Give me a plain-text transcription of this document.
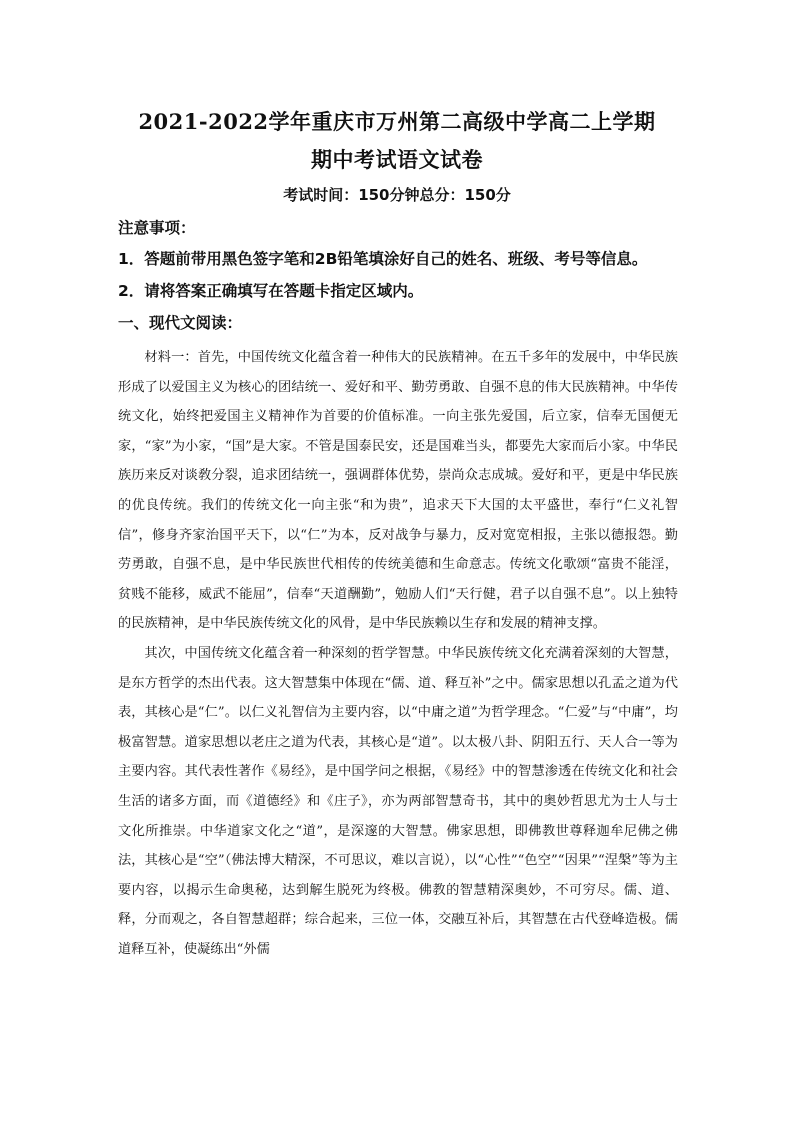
2021-2022学年重庆市万州第二高级中学高二上学期
期中考试语文试卷
考试时间：150分钟总分：150分
注意事项：
1．答题前带用黑色签字笔和2B铅笔填涂好自己的姓名、班级、考号等信息。
2．请将答案正确填写在答题卡指定区域内。
一、现代文阅读：

材料一：首先，中国传统文化蕴含着一种伟大的民族精神。在五千多年的发展中，中华民族形成了以爱国主义为核心的团结统一、爱好和平、勤劳勇敢、自强不息的伟大民族精神。中华传统文化，始终把爱国主义精神作为首要的价值标准。一向主张先爱国，后立家，信奉无国便无家，“家”为小家，“国”是大家。不管是国泰民安，还是国难当头，都要先大家而后小家。中华民族历来反对谈敎分裂，追求团结统一，强调群体优势，崇尚众志成城。爱好和平，更是中华民族的优良传统。我们的传统文化一向主张“和为贵”，追求天下大国的太平盛世，奉行“仁义礼智信”，修身齐家治国平天下，以“仁”为本，反对战争与暴力，反对宽宽相报，主张以德报怨。勤劳勇敢，自强不息，是中华民族世代相传的传统美德和生命意志。传统文化歌颂“富贵不能淫，贫贱不能移，威武不能屈”，信奉“天道酬勤”，勉励人们“天行健，君子以自强不息”。以上独特的民族精神，是中华民族传统文化的风骨，是中华民族赖以生存和发展的精神支撑。

其次，中国传统文化蕴含着一种深刻的哲学智慧。中华民族传统文化充满着深刻的大智慧，是东方哲学的杰出代表。这大智慧集中体现在“儒、道、释互补”之中。儒家思想以孔孟之道为代表，其核心是“仁”。以仁义礼智信为主要内容，以“中庸之道”为哲学理念。“仁爱”与“中庸”，均极富智慧。道家思想以老庄之道为代表，其核心是“道”。以太极八卦、阴阳五行、天人合一等为主要内容。其代表性著作《易经》，是中国学问之根据，《易经》中的智慧渗透在传统文化和社会生活的诸多方面，而《道德经》和《庄子》，亦为两部智慧奇书，其中的奥妙哲思尤为士人与士文化所推崇。中华道家文化之“道”，是深邃的大智慧。佛家思想，即佛教世尊释迦牟尼佛之佛法，其核心是“空”（佛法博大精深，不可思议，难以言说），以“心性”“色空”“因果”“涅槃”等为主要内容，以揭示生命奥秘，达到解生脱死为终极。佛教的智慧精深奥妙，不可穷尽。儒、道、释，分而观之，各自智慧超群；综合起来，三位一体，交融互补后，其智慧在古代登峰造极。儒道释互补，使凝练出“外儒
